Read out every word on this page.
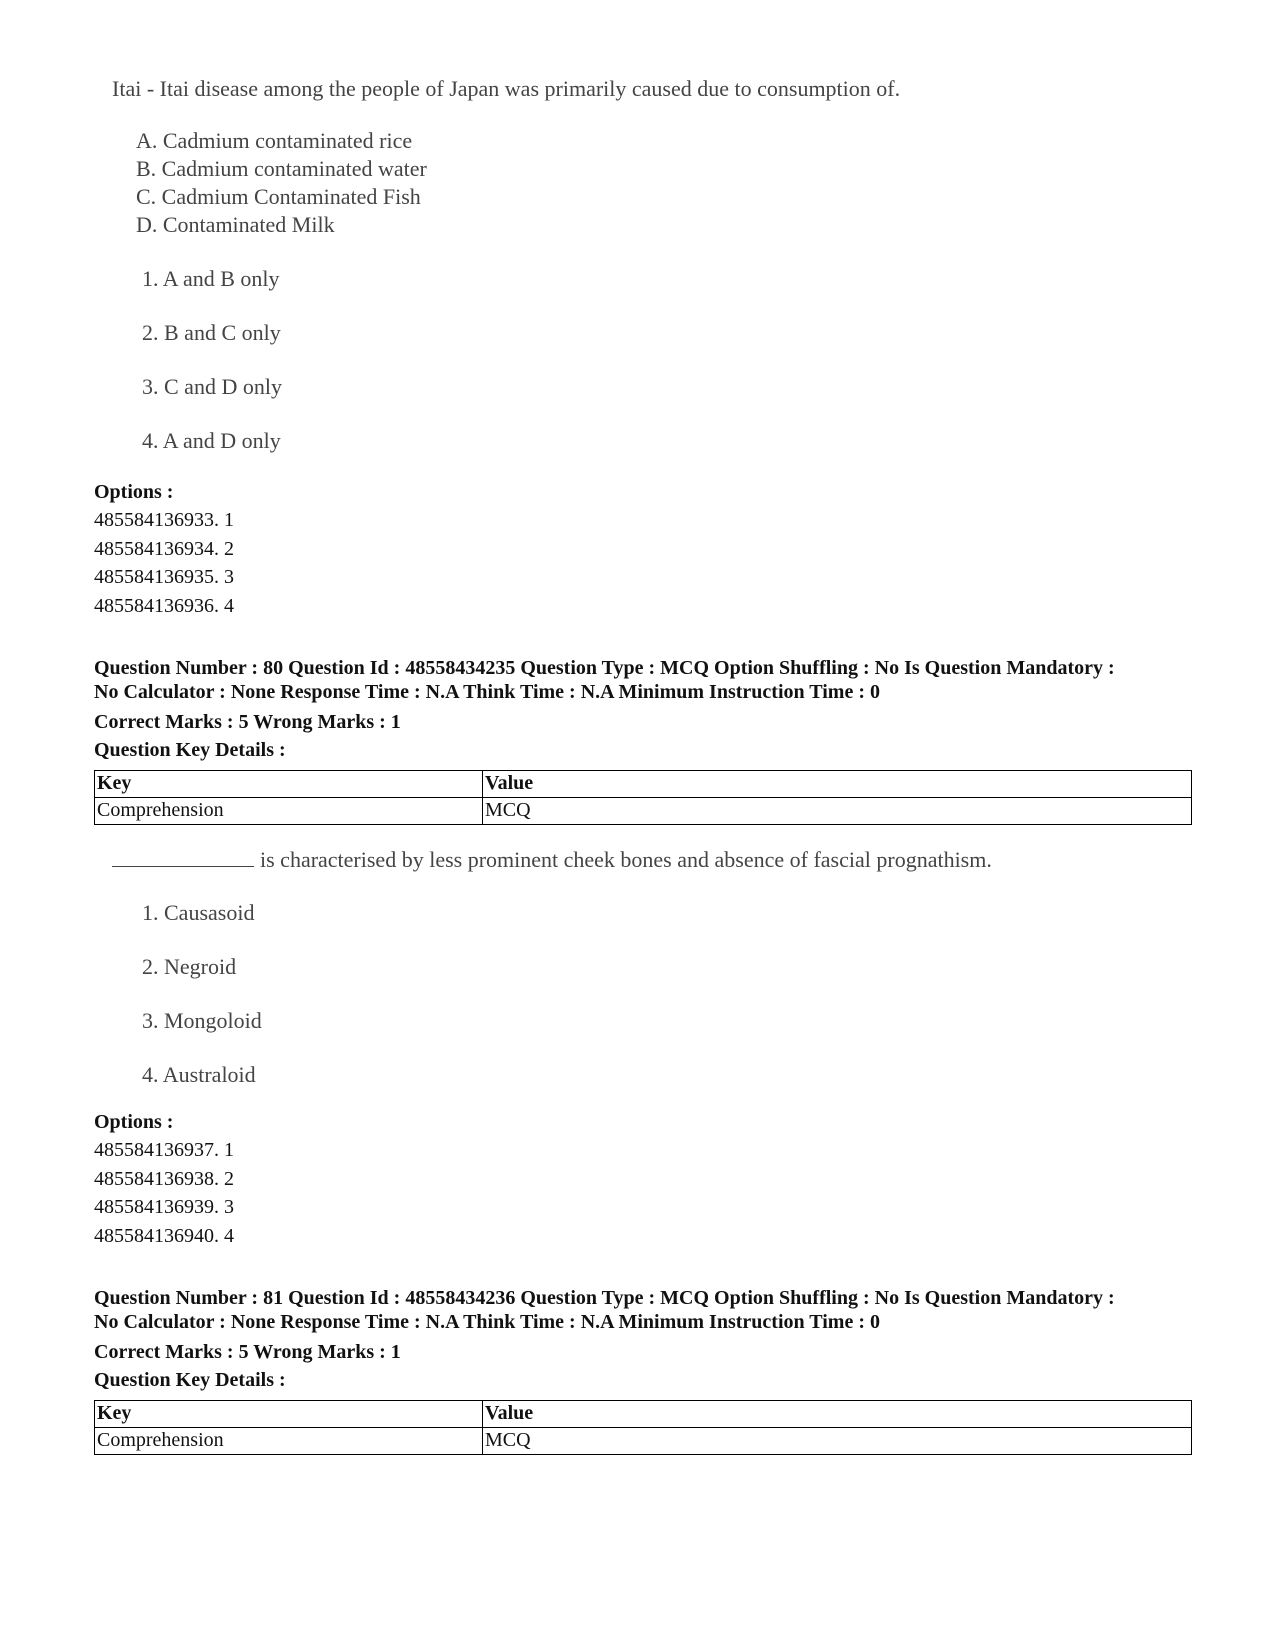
Itai - Itai disease among the people of Japan was primarily caused due to consumption of.
A. Cadmium contaminated rice
B. Cadmium contaminated water
C. Cadmium Contaminated Fish
D. Contaminated Milk
1. A and B only
2. B and C only
3. C and D only
4. A and D only
Options :
485584136933. 1
485584136934. 2
485584136935. 3
485584136936. 4
Question Number : 80 Question Id : 48558434235 Question Type : MCQ Option Shuffling : No Is Question Mandatory :
No Calculator : None Response Time : N.A Think Time : N.A Minimum Instruction Time : 0
Correct Marks : 5 Wrong Marks : 1
Question Key Details :
Key	Value
Comprehension	MCQ
is characterised by less prominent cheek bones and absence of fascial prognathism.
1. Causasoid
2. Negroid
3. Mongoloid
4. Australoid
Options :
485584136937. 1
485584136938. 2
485584136939. 3
485584136940. 4
Question Number : 81 Question Id : 48558434236 Question Type : MCQ Option Shuffling : No Is Question Mandatory :
No Calculator : None Response Time : N.A Think Time : N.A Minimum Instruction Time : 0
Correct Marks : 5 Wrong Marks : 1
Question Key Details :
Key	Value
Comprehension	MCQ
